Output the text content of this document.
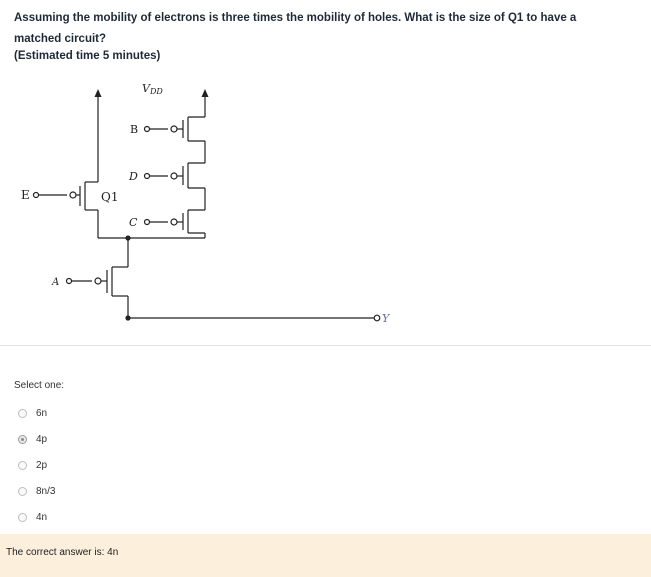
Assuming the mobility of electrons is three times the mobility of holes. What is the size of Q1 to have a
matched circuit?
(Estimated time 5 minutes)
VDD
B
D
C
E	Q1
A
Y
Select one:
6n
4p
2p
8n/3
4n
The correct answer is: 4n
